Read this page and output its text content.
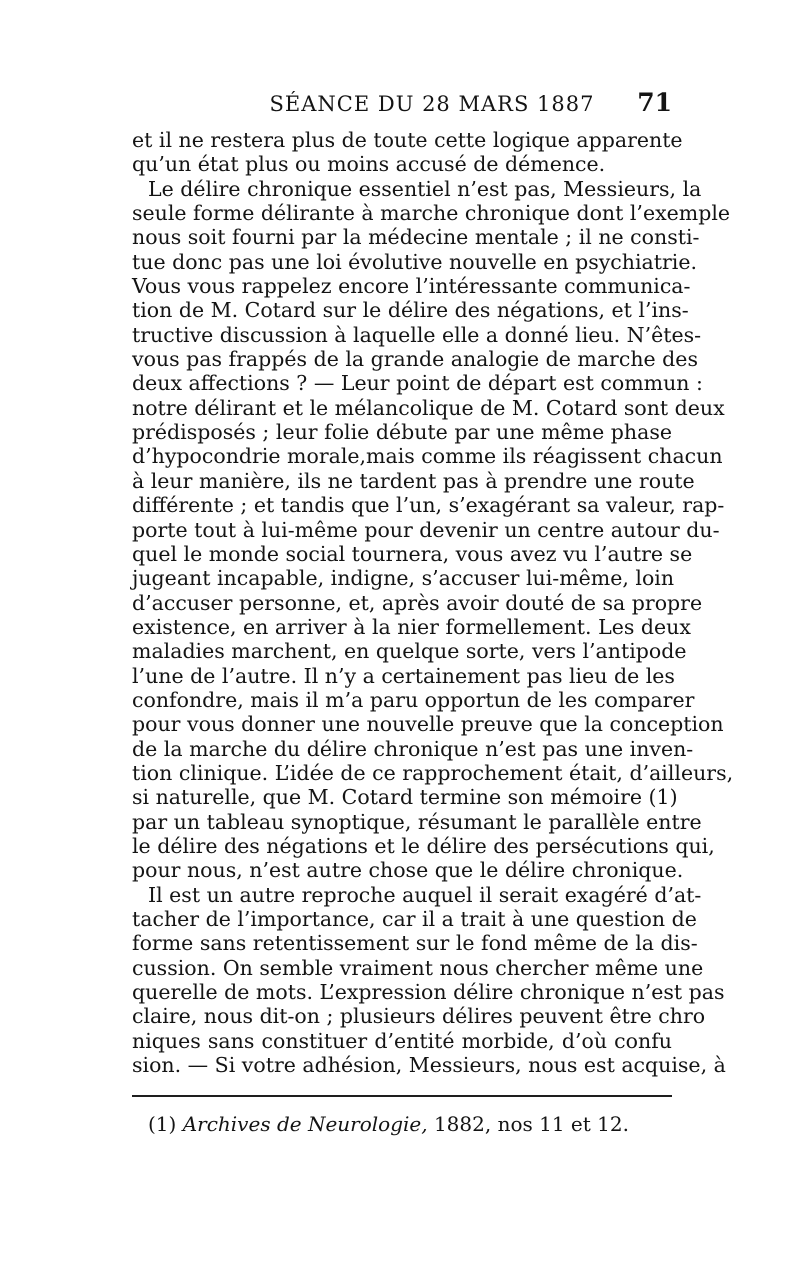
SÉANCE DU 28 MARS 1887	71
et il ne restera plus de toute cette logique apparente
qu’un état plus ou moins accusé de démence.
Le délire chronique essentiel n’est pas, Messieurs, la
seule forme délirante à marche chronique dont l’exemple
nous soit fourni par la médecine mentale ; il ne consti-
tue donc pas une loi évolutive nouvelle en psychiatrie.
Vous vous rappelez encore l’intéressante communica-
tion de M. Cotard sur le délire des négations, et l’ins-
tructive discussion à laquelle elle a donné lieu. N’êtes-
vous pas frappés de la grande analogie de marche des
deux affections ? — Leur point de départ est commun :
notre délirant et le mélancolique de M. Cotard sont deux
prédisposés ; leur folie débute par une même phase
d’hypocondrie morale,mais comme ils réagissent chacun
à leur manière, ils ne tardent pas à prendre une route
différente ; et tandis que l’un, s’exagérant sa valeur, rap-
porte tout à lui-même pour devenir un centre autour du-
quel le monde social tournera, vous avez vu l’autre se
jugeant incapable, indigne, s’accuser lui-même, loin
d’accuser personne, et, après avoir douté de sa propre
existence, en arriver à la nier formellement. Les deux
maladies marchent, en quelque sorte, vers l’antipode
l’une de l’autre. Il n’y a certainement pas lieu de les
confondre, mais il m’a paru opportun de les comparer
pour vous donner une nouvelle preuve que la conception
de la marche du délire chronique n’est pas une inven-
tion clinique. L’idée de ce rapprochement était, d’ailleurs,
si naturelle, que M. Cotard termine son mémoire (1)
par un tableau synoptique, résumant le parallèle entre
le délire des négations et le délire des persécutions qui,
pour nous, n’est autre chose que le délire chronique.
Il est un autre reproche auquel il serait exagéré d’at-
tacher de l’importance, car il a trait à une question de
forme sans retentissement sur le fond même de la dis-
cussion. On semble vraiment nous chercher même une
querelle de mots. L’expression délire chronique n’est pas
claire, nous dit-on ; plusieurs délires peuvent être chro
niques sans constituer d’entité morbide, d’où confu
sion. — Si votre adhésion, Messieurs, nous est acquise, à
(1) Archives de Neurologie, 1882, nos 11 et 12.
